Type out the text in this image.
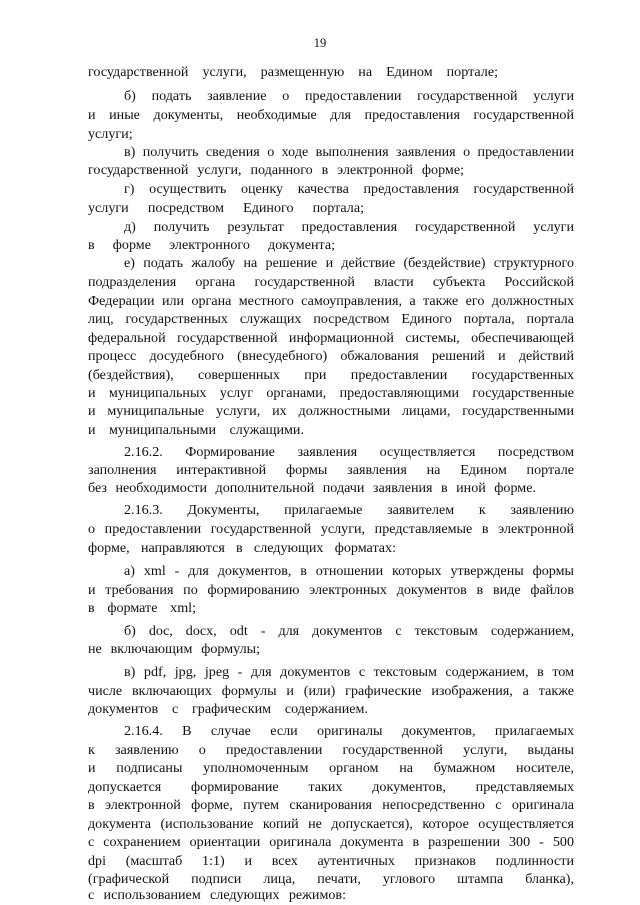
19
государственной услуги, размещенную на Едином портале;
б) подать заявление о предоставлении государственной услуги
и иные документы, необходимые для предоставления государственной
услуги;
в) получить сведения о ходе выполнения заявления о предоставлении
государственной услуги, поданного в электронной форме;
г) осуществить оценку качества предоставления государственной
услуги посредством Единого портала;
д) получить результат предоставления государственной услуги
в форме электронного документа;
е) подать жалобу на решение и действие (бездействие) структурного
подразделения органа государственной власти субъекта Российской
Федерации или органа местного самоуправления, а также его должностных
лиц, государственных служащих посредством Единого портала, портала
федеральной государственной информационной системы, обеспечивающей
процесс досудебного (внесудебного) обжалования решений и действий
(бездействия), совершенных при предоставлении государственных
и муниципальных услуг органами, предоставляющими государственные
и муниципальные услуги, их должностными лицами, государственными
и муниципальными служащими.
2.16.2. Формирование заявления осуществляется посредством
заполнения интерактивной формы заявления на Едином портале
без необходимости дополнительной подачи заявления в иной форме.
2.16.3. Документы, прилагаемые заявителем к заявлению
о предоставлении государственной услуги, представляемые в электронной
форме, направляются в следующих форматах:
а) xml - для документов, в отношении которых утверждены формы
и требования по формированию электронных документов в виде файлов
в формате xml;
б) doc, docx, odt - для документов с текстовым содержанием,
не включающим формулы;
в) pdf, jpg, jpeg - для документов с текстовым содержанием, в том
числе включающих формулы и (или) графические изображения, а также
документов с графическим содержанием.
2.16.4. В случае если оригиналы документов, прилагаемых
к заявлению о предоставлении государственной услуги, выданы
и подписаны уполномоченным органом на бумажном носителе,
допускается формирование таких документов, представляемых
в электронной форме, путем сканирования непосредственно с оригинала
документа (использование копий не допускается), которое осуществляется
с сохранением ориентации оригинала документа в разрешении 300 - 500
dpi (масштаб 1:1) и всех аутентичных признаков подлинности
(графической подписи лица, печати, углового штампа бланка),
с использованием следующих режимов:
